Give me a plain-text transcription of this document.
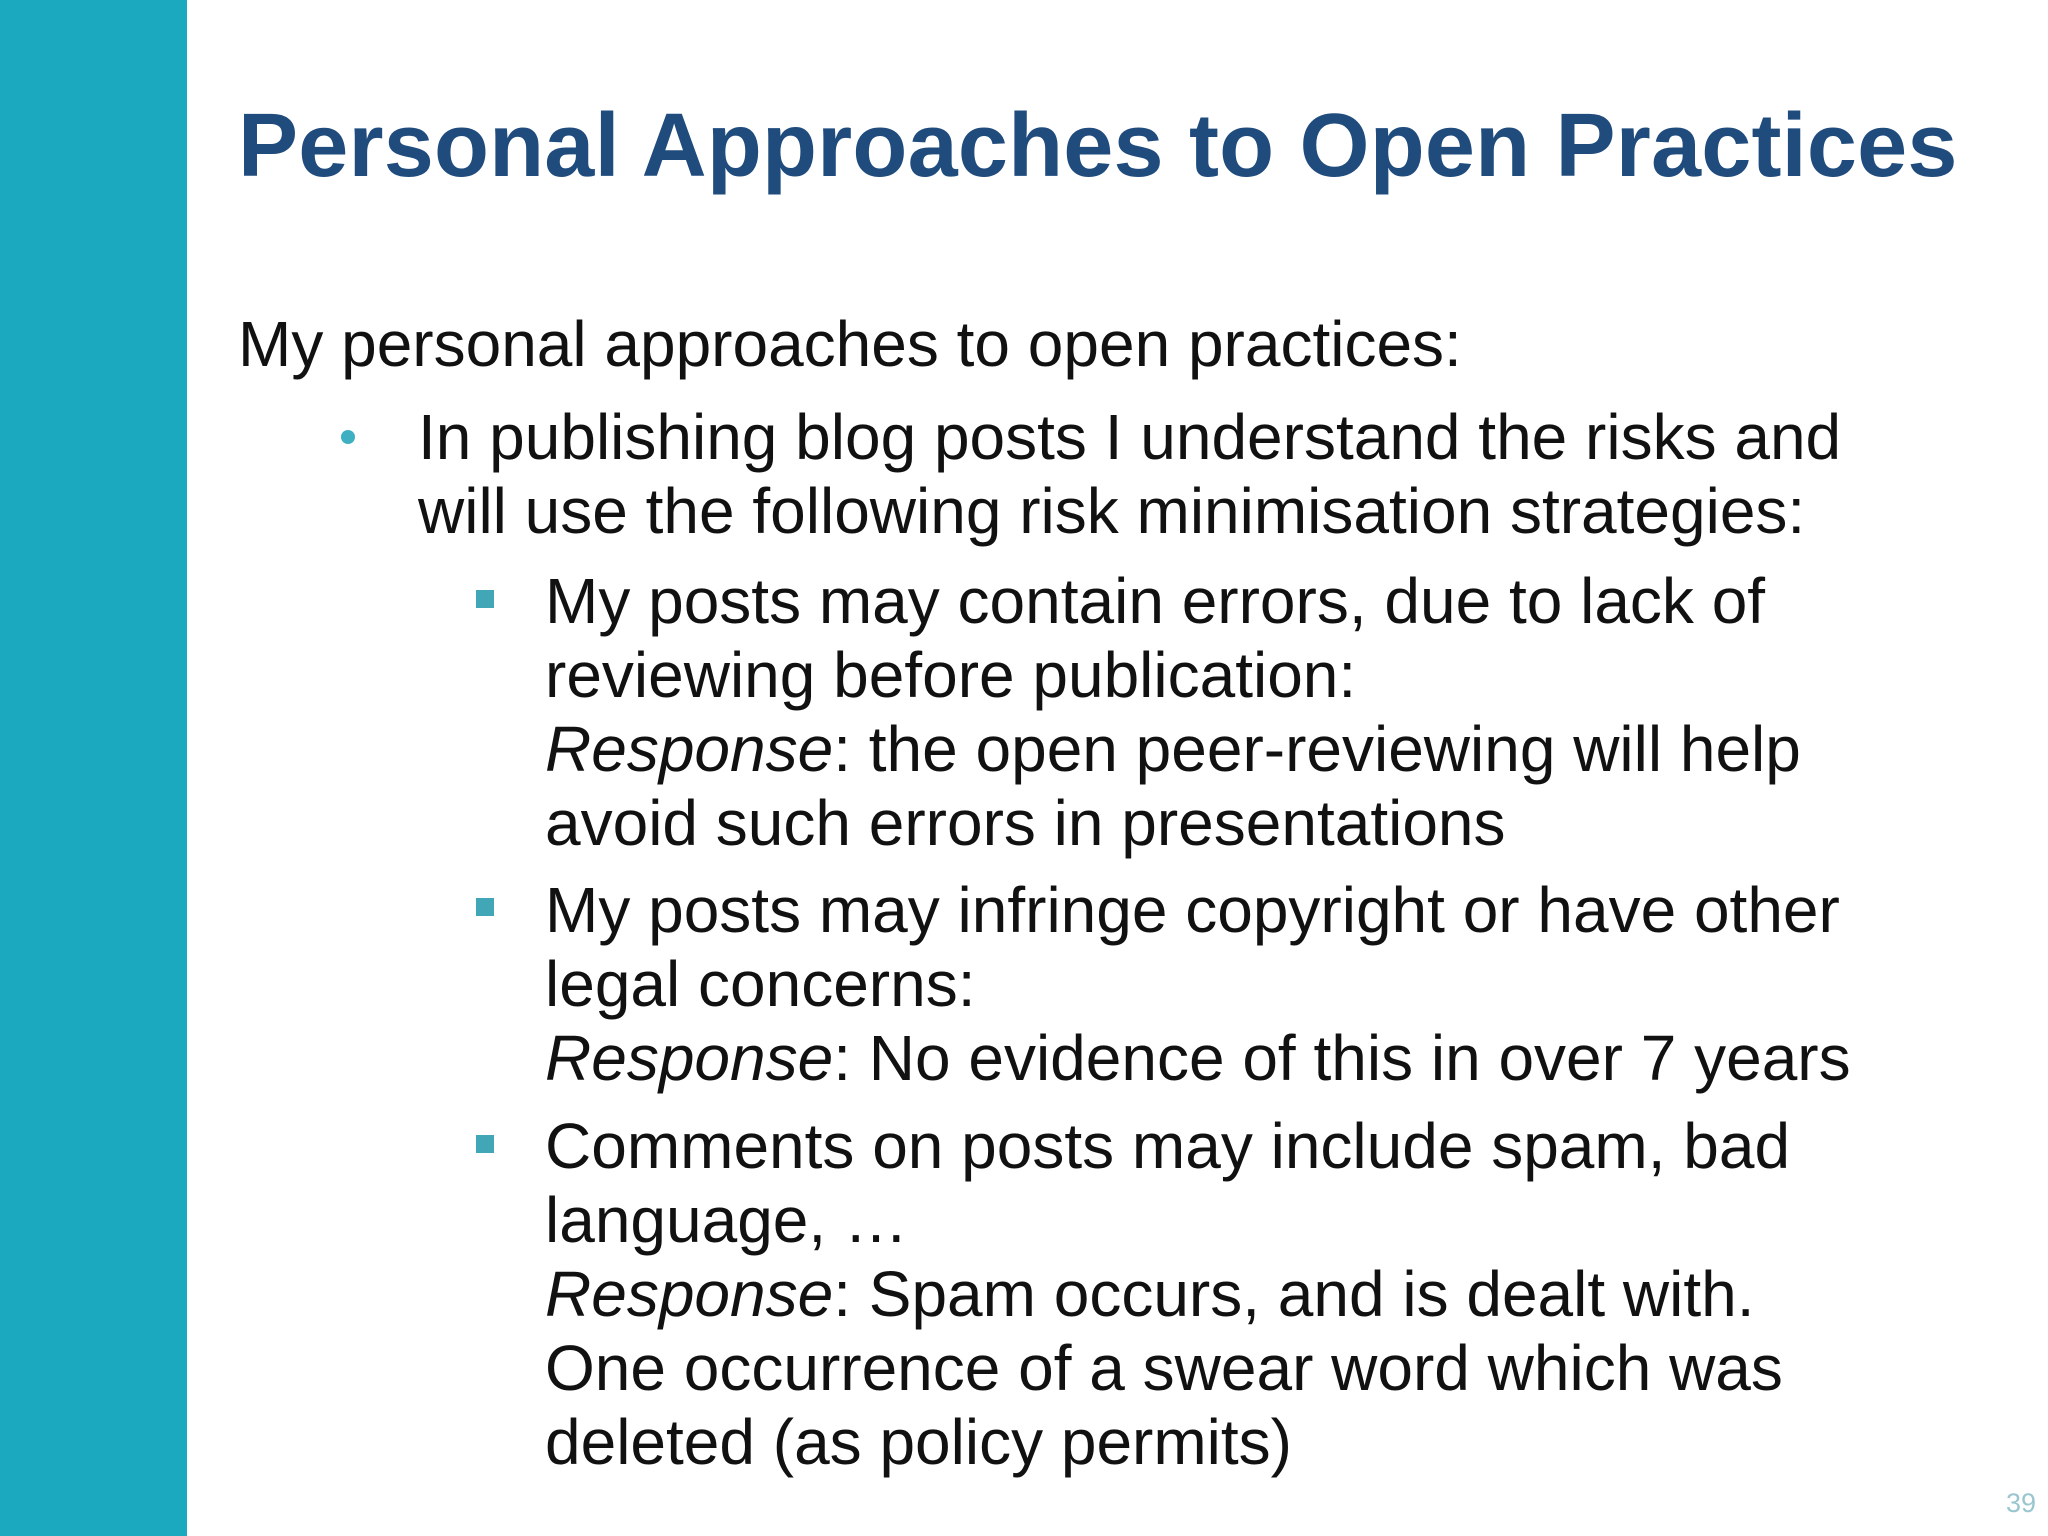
Personal Approaches to Open Practices
My personal approaches to open practices:
In publishing blog posts I understand the risks and
will use the following risk minimisation strategies:
My posts may contain errors, due to lack of
reviewing before publication:
Response: the open peer-reviewing will help
avoid such errors in presentations
My posts may infringe copyright or have other
legal concerns:
Response: No evidence of this in over 7 years
Comments on posts may include spam, bad
language, …
Response: Spam occurs, and is dealt with.
One occurrence of a swear word which was
deleted (as policy permits)
39
